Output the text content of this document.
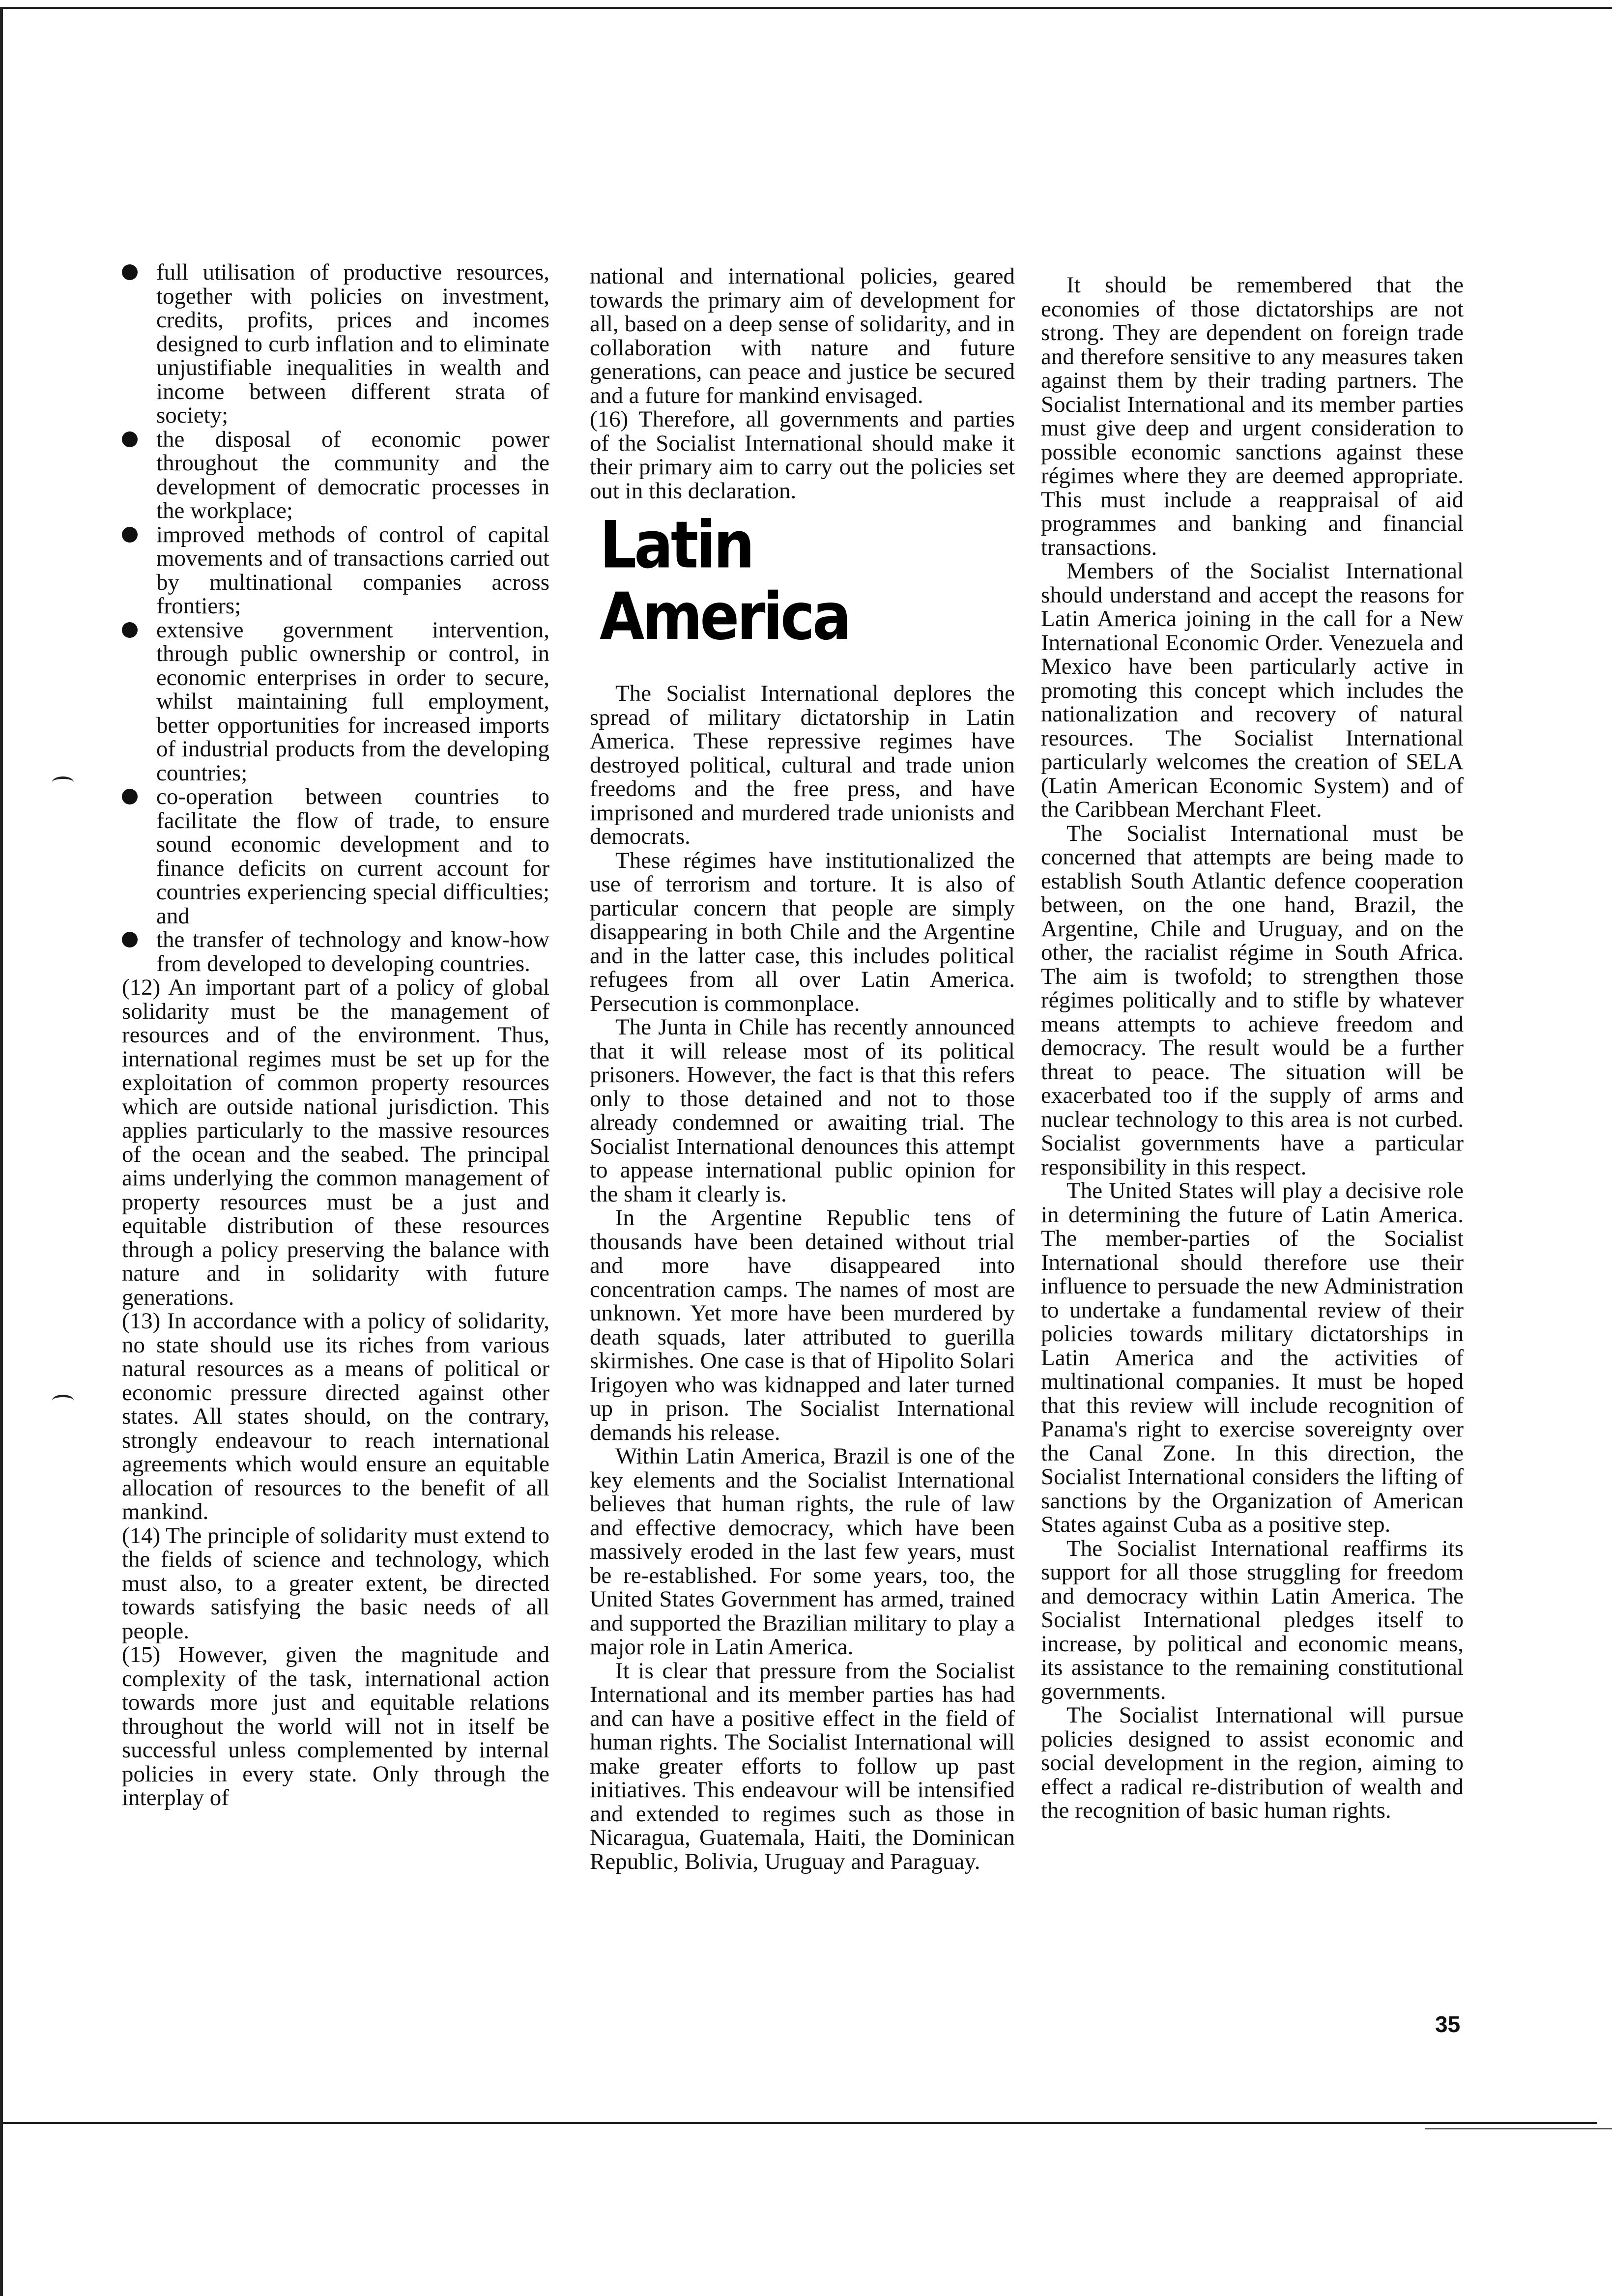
full utilisation of productive resources, together with policies on investment, credits, profits, prices and incomes designed to curb inflation and to eliminate unjustifiable inequalities in wealth and income between different strata of society;
the disposal of economic power throughout the community and the development of democratic processes in the workplace;
improved methods of control of capital movements and of transactions carried out by multinational companies across frontiers;
extensive government intervention, through public ownership or control, in economic enterprises in order to secure, whilst maintaining full employment, better opportunities for increased imports of industrial products from the developing countries;
co-operation between countries to facilitate the flow of trade, to ensure sound economic development and to finance deficits on current account for countries experiencing special difficulties; and
the transfer of technology and know-how from developed to developing countries.

(12) An important part of a policy of global solidarity must be the management of resources and of the environment. Thus, international regimes must be set up for the exploitation of common property resources which are outside national jurisdiction. This applies particularly to the massive resources of the ocean and the seabed. The principal aims underlying the common management of property resources must be a just and equitable distribution of these resources through a policy preserving the balance with nature and in solidarity with future generations.

(13) In accordance with a policy of solidarity, no state should use its riches from various natural resources as a means of political or economic pressure directed against other states. All states should, on the contrary, strongly endeavour to reach international agreements which would ensure an equitable allocation of resources to the benefit of all mankind.

(14) The principle of solidarity must extend to the fields of science and technology, which must also, to a greater extent, be directed towards satisfying the basic needs of all people.

(15) However, given the magnitude and complexity of the task, international action towards more just and equitable relations throughout the world will not in itself be successful unless complemented by internal policies in every state. Only through the interplay of

national and international policies, geared towards the primary aim of development for all, based on a deep sense of solidarity, and in collaboration with nature and future generations, can peace and justice be secured and a future for mankind envisaged.

(16) Therefore, all governments and parties of the Socialist International should make it their primary aim to carry out the policies set out in this declaration.

Latin America

The Socialist International deplores the spread of military dictatorship in Latin America. These repressive regimes have destroyed political, cultural and trade union freedoms and the free press, and have imprisoned and murdered trade unionists and democrats.

These régimes have institutionalized the use of terrorism and torture. It is also of particular concern that people are simply disappearing in both Chile and the Argentine and in the latter case, this includes political refugees from all over Latin America. Persecution is commonplace.

The Junta in Chile has recently announced that it will release most of its political prisoners. However, the fact is that this refers only to those detained and not to those already condemned or awaiting trial. The Socialist International denounces this attempt to appease international public opinion for the sham it clearly is.

In the Argentine Republic tens of thousands have been detained without trial and more have disappeared into concentration camps. The names of most are unknown. Yet more have been murdered by death squads, later attributed to guerilla skirmishes. One case is that of Hipolito Solari Irigoyen who was kidnapped and later turned up in prison. The Socialist International demands his release.

Within Latin America, Brazil is one of the key elements and the Socialist International believes that human rights, the rule of law and effective democracy, which have been massively eroded in the last few years, must be re-established. For some years, too, the United States Government has armed, trained and supported the Brazilian military to play a major role in Latin America.

It is clear that pressure from the Socialist International and its member parties has had and can have a positive effect in the field of human rights. The Socialist International will make greater efforts to follow up past initiatives. This endeavour will be intensified and extended to regimes such as those in Nicaragua, Guatemala, Haiti, the Dominican Republic, Bolivia, Uruguay and Paraguay.

It should be remembered that the economies of those dictatorships are not strong. They are dependent on foreign trade and therefore sensitive to any measures taken against them by their trading partners. The Socialist International and its member parties must give deep and urgent consideration to possible economic sanctions against these régimes where they are deemed appropriate. This must include a reappraisal of aid programmes and banking and financial transactions.

Members of the Socialist International should understand and accept the reasons for Latin America joining in the call for a New International Economic Order. Venezuela and Mexico have been particularly active in promoting this concept which includes the nationalization and recovery of natural resources. The Socialist International particularly welcomes the creation of SELA (Latin American Economic System) and of the Caribbean Merchant Fleet.

The Socialist International must be concerned that attempts are being made to establish South Atlantic defence cooperation between, on the one hand, Brazil, the Argentine, Chile and Uruguay, and on the other, the racialist régime in South Africa. The aim is twofold; to strengthen those régimes politically and to stifle by whatever means attempts to achieve freedom and democracy. The result would be a further threat to peace. The situation will be exacerbated too if the supply of arms and nuclear technology to this area is not curbed. Socialist governments have a particular responsibility in this respect.

The United States will play a decisive role in determining the future of Latin America. The member-parties of the Socialist International should therefore use their influence to persuade the new Administration to undertake a fundamental review of their policies towards military dictatorships in Latin America and the activities of multinational companies. It must be hoped that this review will include recognition of Panama's right to exercise sovereignty over the Canal Zone. In this direction, the Socialist International considers the lifting of sanctions by the Organization of American States against Cuba as a positive step.

The Socialist International reaffirms its support for all those struggling for freedom and democracy within Latin America. The Socialist International pledges itself to increase, by political and economic means, its assistance to the remaining constitutional governments.

The Socialist International will pursue policies designed to assist economic and social development in the region, aiming to effect a radical re-distribution of wealth and the recognition of basic human rights.

35
